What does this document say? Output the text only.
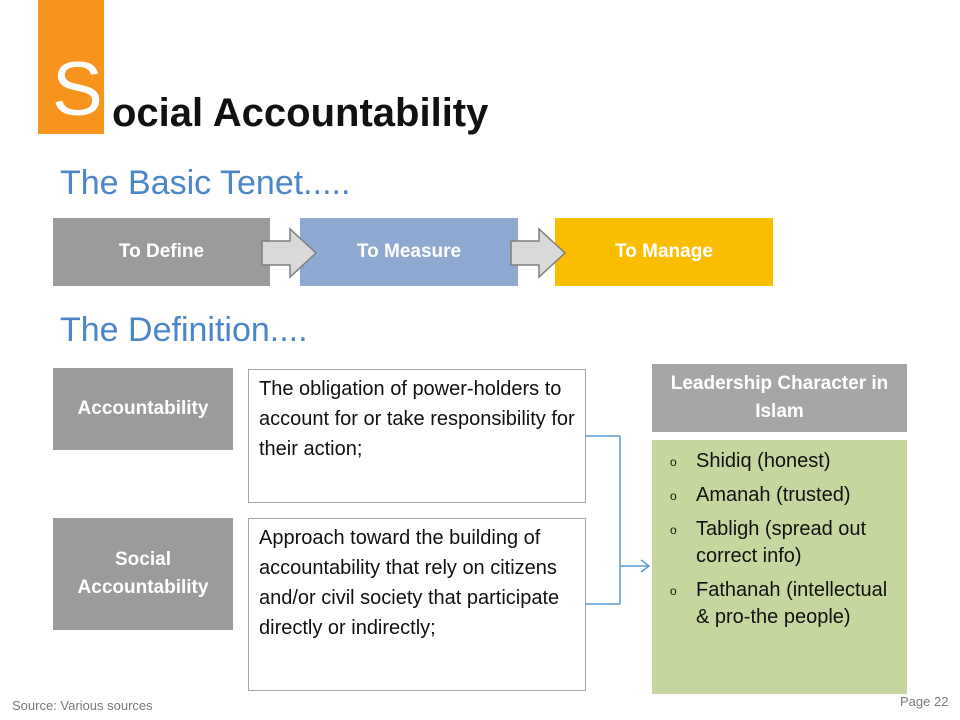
S ocial Accountability
The Basic Tenet.....
To Define	To Measure	To Manage
The Definition....
Accountability
The obligation of power-holders to account for or take responsibility for their action;
Social Accountability
Approach toward the building of accountability that rely on citizens and/or civil society that participate directly or indirectly;
Leadership Character in Islam
o Shidiq (honest)
o Amanah (trusted)
o Tabligh (spread out correct info)
o Fathanah (intellectual & pro-the people)
Source: Various sources	Page 22
